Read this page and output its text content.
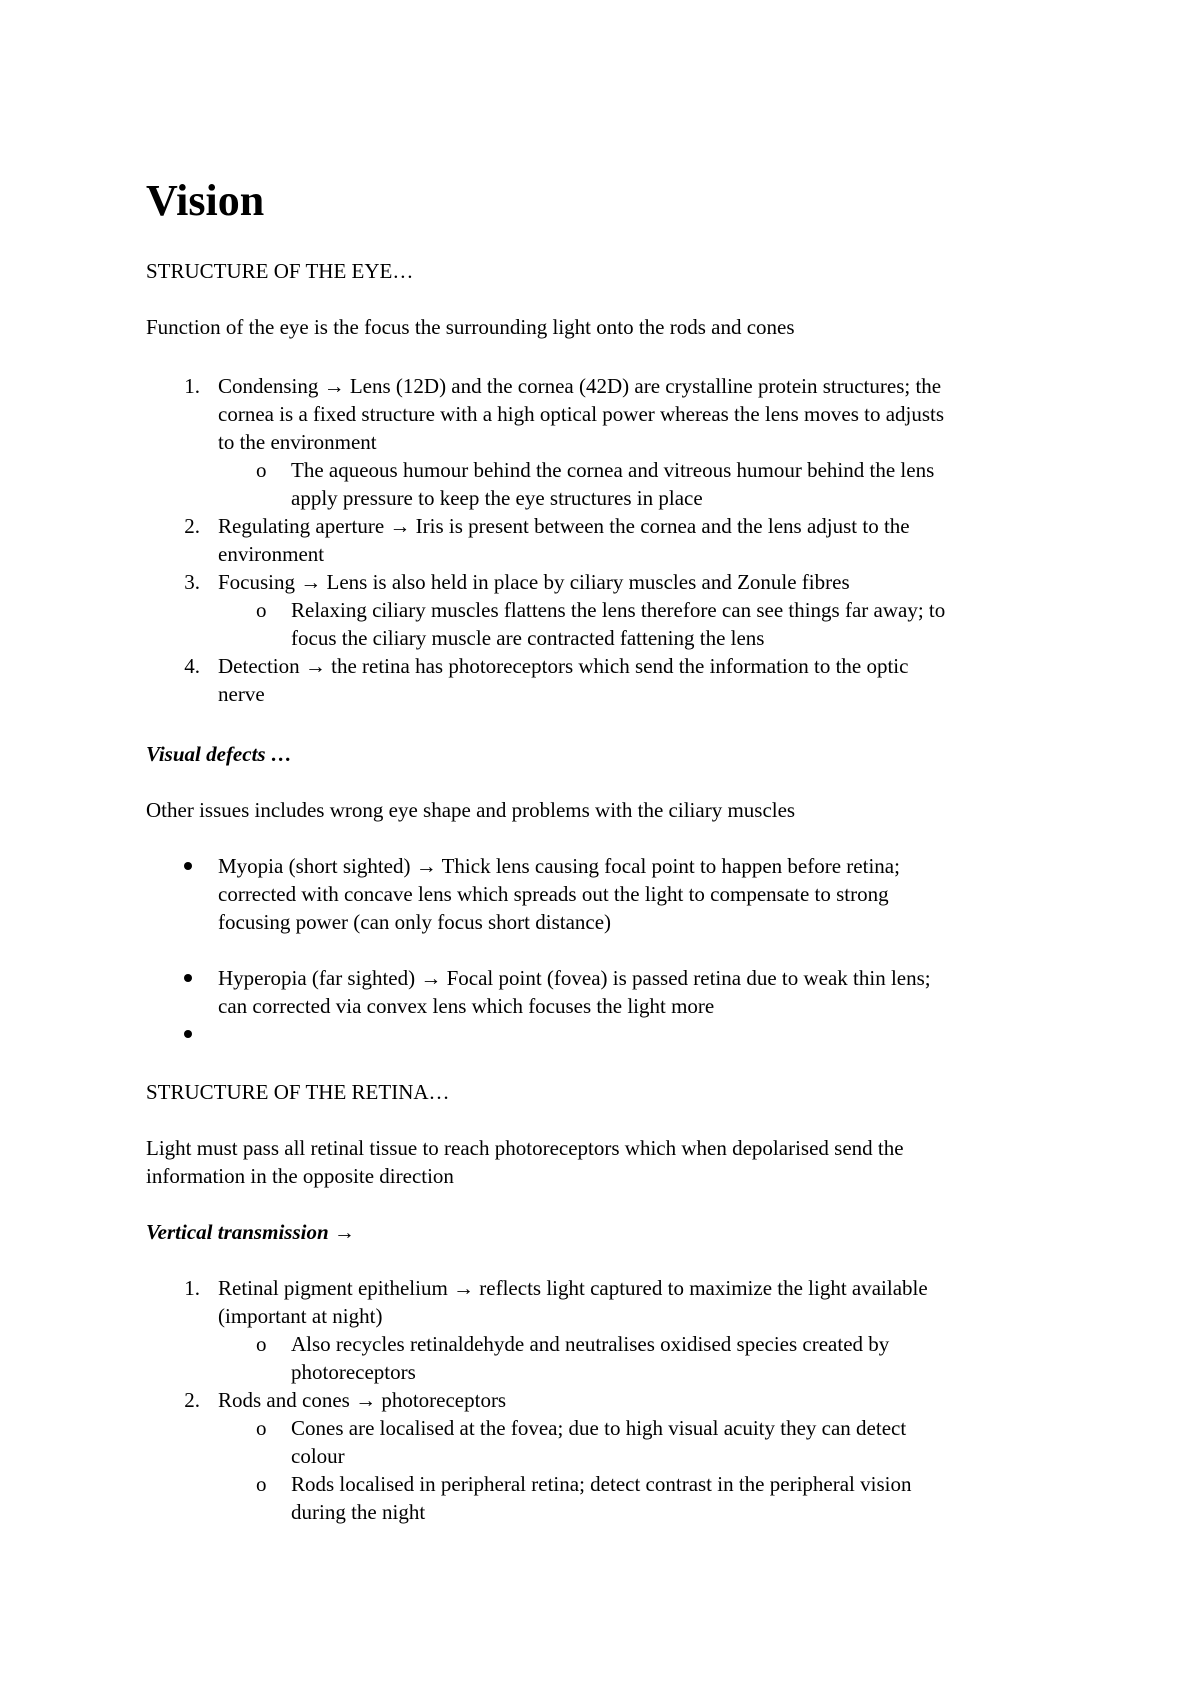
Vision
STRUCTURE OF THE EYE…
Function of the eye is the focus the surrounding light onto the rods and cones
1. Condensing → Lens (12D) and the cornea (42D) are crystalline protein structures; the
cornea is a fixed structure with a high optical power whereas the lens moves to adjusts
to the environment
o The aqueous humour behind the cornea and vitreous humour behind the lens
apply pressure to keep the eye structures in place
2. Regulating aperture → Iris is present between the cornea and the lens adjust to the
environment
3. Focusing → Lens is also held in place by ciliary muscles and Zonule fibres
o Relaxing ciliary muscles flattens the lens therefore can see things far away; to
focus the ciliary muscle are contracted fattening the lens
4. Detection → the retina has photoreceptors which send the information to the optic
nerve
Visual defects …
Other issues includes wrong eye shape and problems with the ciliary muscles
Myopia (short sighted) → Thick lens causing focal point to happen before retina;
corrected with concave lens which spreads out the light to compensate to strong
focusing power (can only focus short distance)
Hyperopia (far sighted) → Focal point (fovea) is passed retina due to weak thin lens;
can corrected via convex lens which focuses the light more
STRUCTURE OF THE RETINA…
Light must pass all retinal tissue to reach photoreceptors which when depolarised send the
information in the opposite direction
Vertical transmission →
1. Retinal pigment epithelium → reflects light captured to maximize the light available
(important at night)
o Also recycles retinaldehyde and neutralises oxidised species created by
photoreceptors
2. Rods and cones → photoreceptors
o Cones are localised at the fovea; due to high visual acuity they can detect
colour
o Rods localised in peripheral retina; detect contrast in the peripheral vision
during the night
